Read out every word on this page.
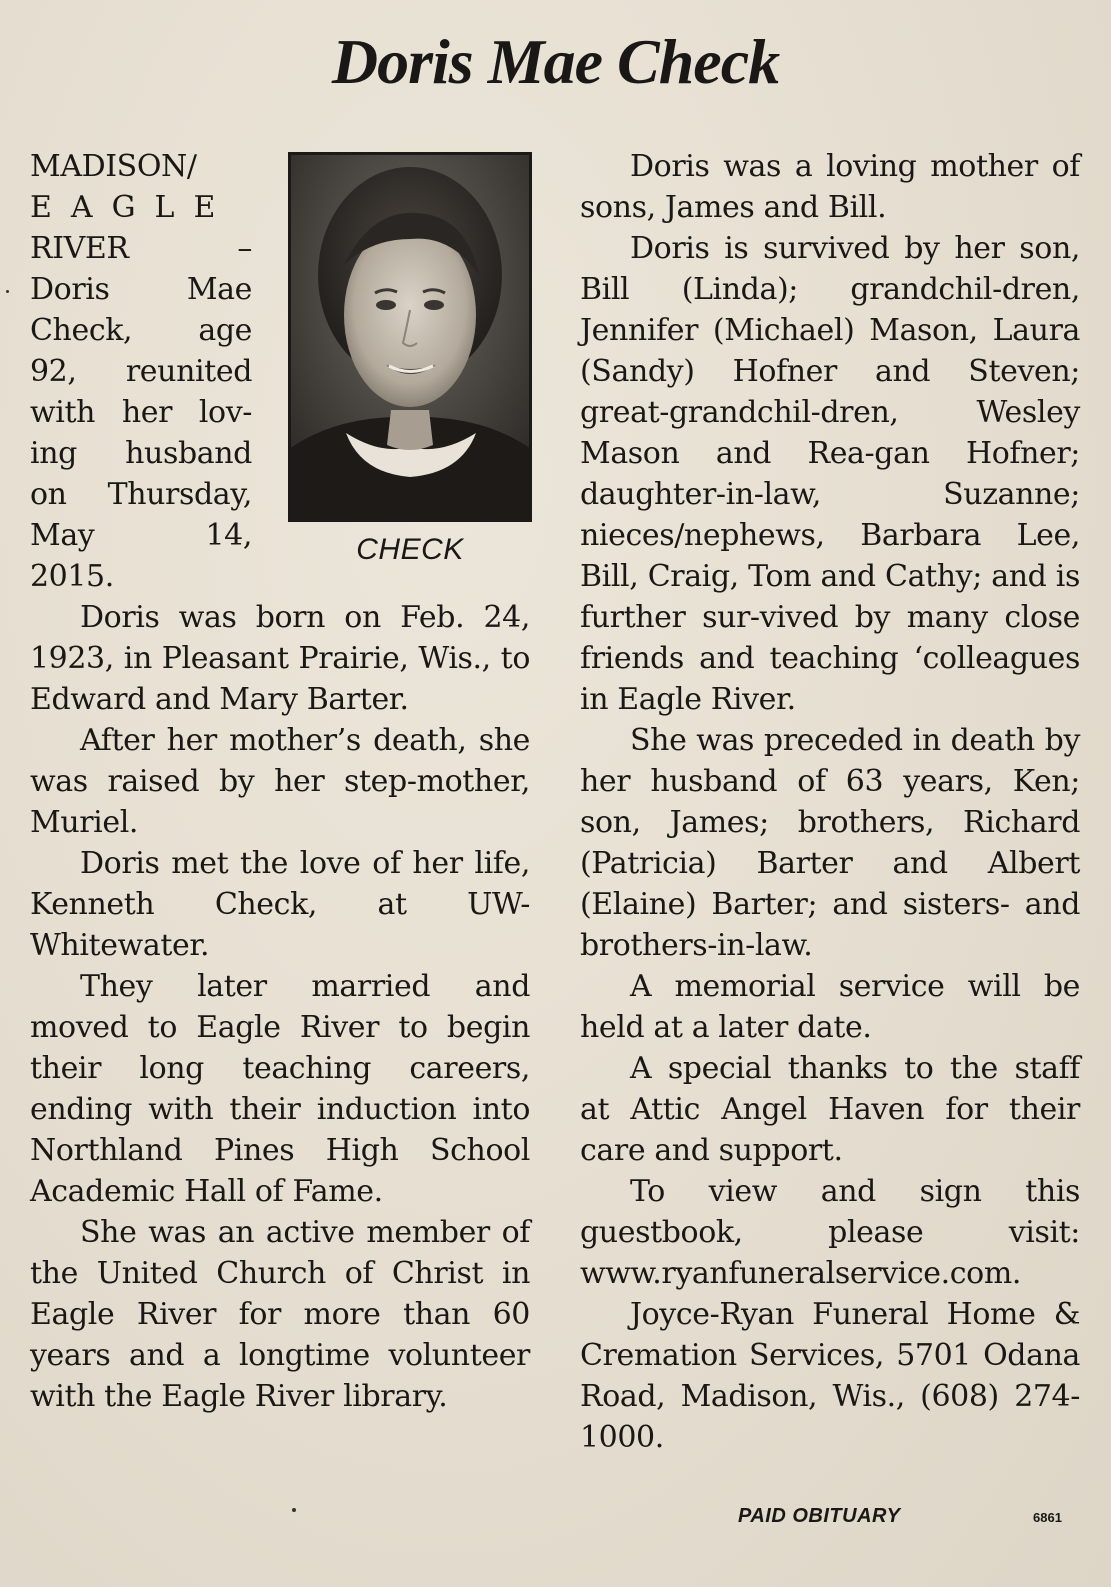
Doris Mae Check
MADISON/
EAGLE
RIVER –
Doris Mae
Check, age
92, reunited
with her lov-
ing husband
on Thursday,
May 14,
2015.

Doris was born on Feb. 24, 1923, in Pleasant Prairie, Wis., to Edward and Mary Barter.

After her mother’s death, she was raised by her step-mother, Muriel.

Doris met the love of her life, Kenneth Check, at UW-Whitewater.

They later married and moved to Eagle River to begin their long teaching careers, ending with their induction into Northland Pines High School Academic Hall of Fame.

She was an active member of the United Church of Christ in Eagle River for more than 60 years and a longtime volunteer with the Eagle River library.

CHECK

Doris was a loving mother of sons, James and Bill.

Doris is survived by her son, Bill (Linda); grandchil-dren, Jennifer (Michael) Mason, Laura (Sandy) Hofner and Steven; great-grandchil-dren, Wesley Mason and Rea-gan Hofner; daughter-in-law, Suzanne; nieces/nephews, Barbara Lee, Bill, Craig, Tom and Cathy; and is further sur-vived by many close friends and teaching ‘colleagues in Eagle River.

She was preceded in death by her husband of 63 years, Ken; son, James; brothers, Richard (Patricia) Barter and Albert (Elaine) Barter; and sisters- and brothers-in-law.

A memorial service will be held at a later date.

A special thanks to the staff at Attic Angel Haven for their care and support.

To view and sign this guestbook, please visit: www.ryanfuneralservice.com.

Joyce-Ryan Funeral Home & Cremation Services, 5701 Odana Road, Madison, Wis., (608) 274-1000.

PAID OBITUARY	6861
